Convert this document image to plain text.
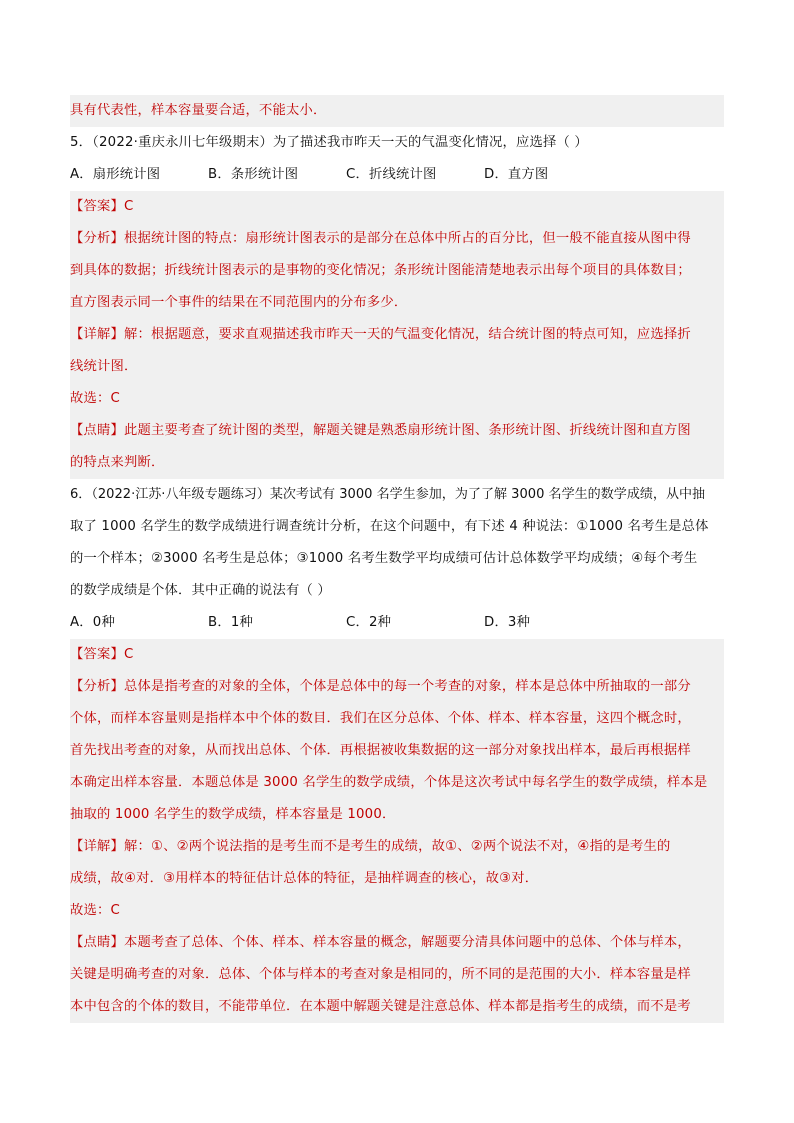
具有代表性，样本容量要合适，不能太小．
5．（2022·重庆永川七年级期末）为了描述我市昨天一天的气温变化情况，应选择（ ）
A．扇形统计图	B．条形统计图	C．折线统计图	D．直方图
【答案】C
【分析】根据统计图的特点：扇形统计图表示的是部分在总体中所占的百分比，但一般不能直接从图中得
到具体的数据；折线统计图表示的是事物的变化情况；条形统计图能清楚地表示出每个项目的具体数目；
直方图表示同一个事件的结果在不同范围内的分布多少．
【详解】解：根据题意，要求直观描述我市昨天一天的气温变化情况，结合统计图的特点可知，应选择折
线统计图．
故选：C
【点睛】此题主要考查了统计图的类型，解题关键是熟悉扇形统计图、条形统计图、折线统计图和直方图
的特点来判断．
6．（2022·江苏·八年级专题练习）某次考试有 3000 名学生参加，为了了解 3000 名学生的数学成绩，从中抽
取了 1000 名学生的数学成绩进行调查统计分析，在这个问题中，有下述 4 种说法：①1000 名考生是总体
的一个样本；②3000 名考生是总体；③1000 名考生数学平均成绩可估计总体数学平均成绩；④每个考生
的数学成绩是个体．其中正确的说法有（ ）
A．0种	B．1种	C．2种	D．3种
【答案】C
【分析】总体是指考查的对象的全体，个体是总体中的每一个考查的对象，样本是总体中所抽取的一部分
个体，而样本容量则是指样本中个体的数目．我们在区分总体、个体、样本、样本容量，这四个概念时，
首先找出考查的对象，从而找出总体、个体．再根据被收集数据的这一部分对象找出样本，最后再根据样
本确定出样本容量．本题总体是 3000 名学生的数学成绩，个体是这次考试中每名学生的数学成绩，样本是
抽取的 1000 名学生的数学成绩，样本容量是 1000．
【详解】解：①、②两个说法指的是考生而不是考生的成绩，故①、②两个说法不对，④指的是考生的
成绩，故④对．③用样本的特征估计总体的特征，是抽样调查的核心，故③对．
故选：C
【点睛】本题考查了总体、个体、样本、样本容量的概念，解题要分清具体问题中的总体、个体与样本，
关键是明确考查的对象．总体、个体与样本的考查对象是相同的，所不同的是范围的大小．样本容量是样
本中包含的个体的数目，不能带单位．在本题中解题关键是注意总体、样本都是指考生的成绩，而不是考
